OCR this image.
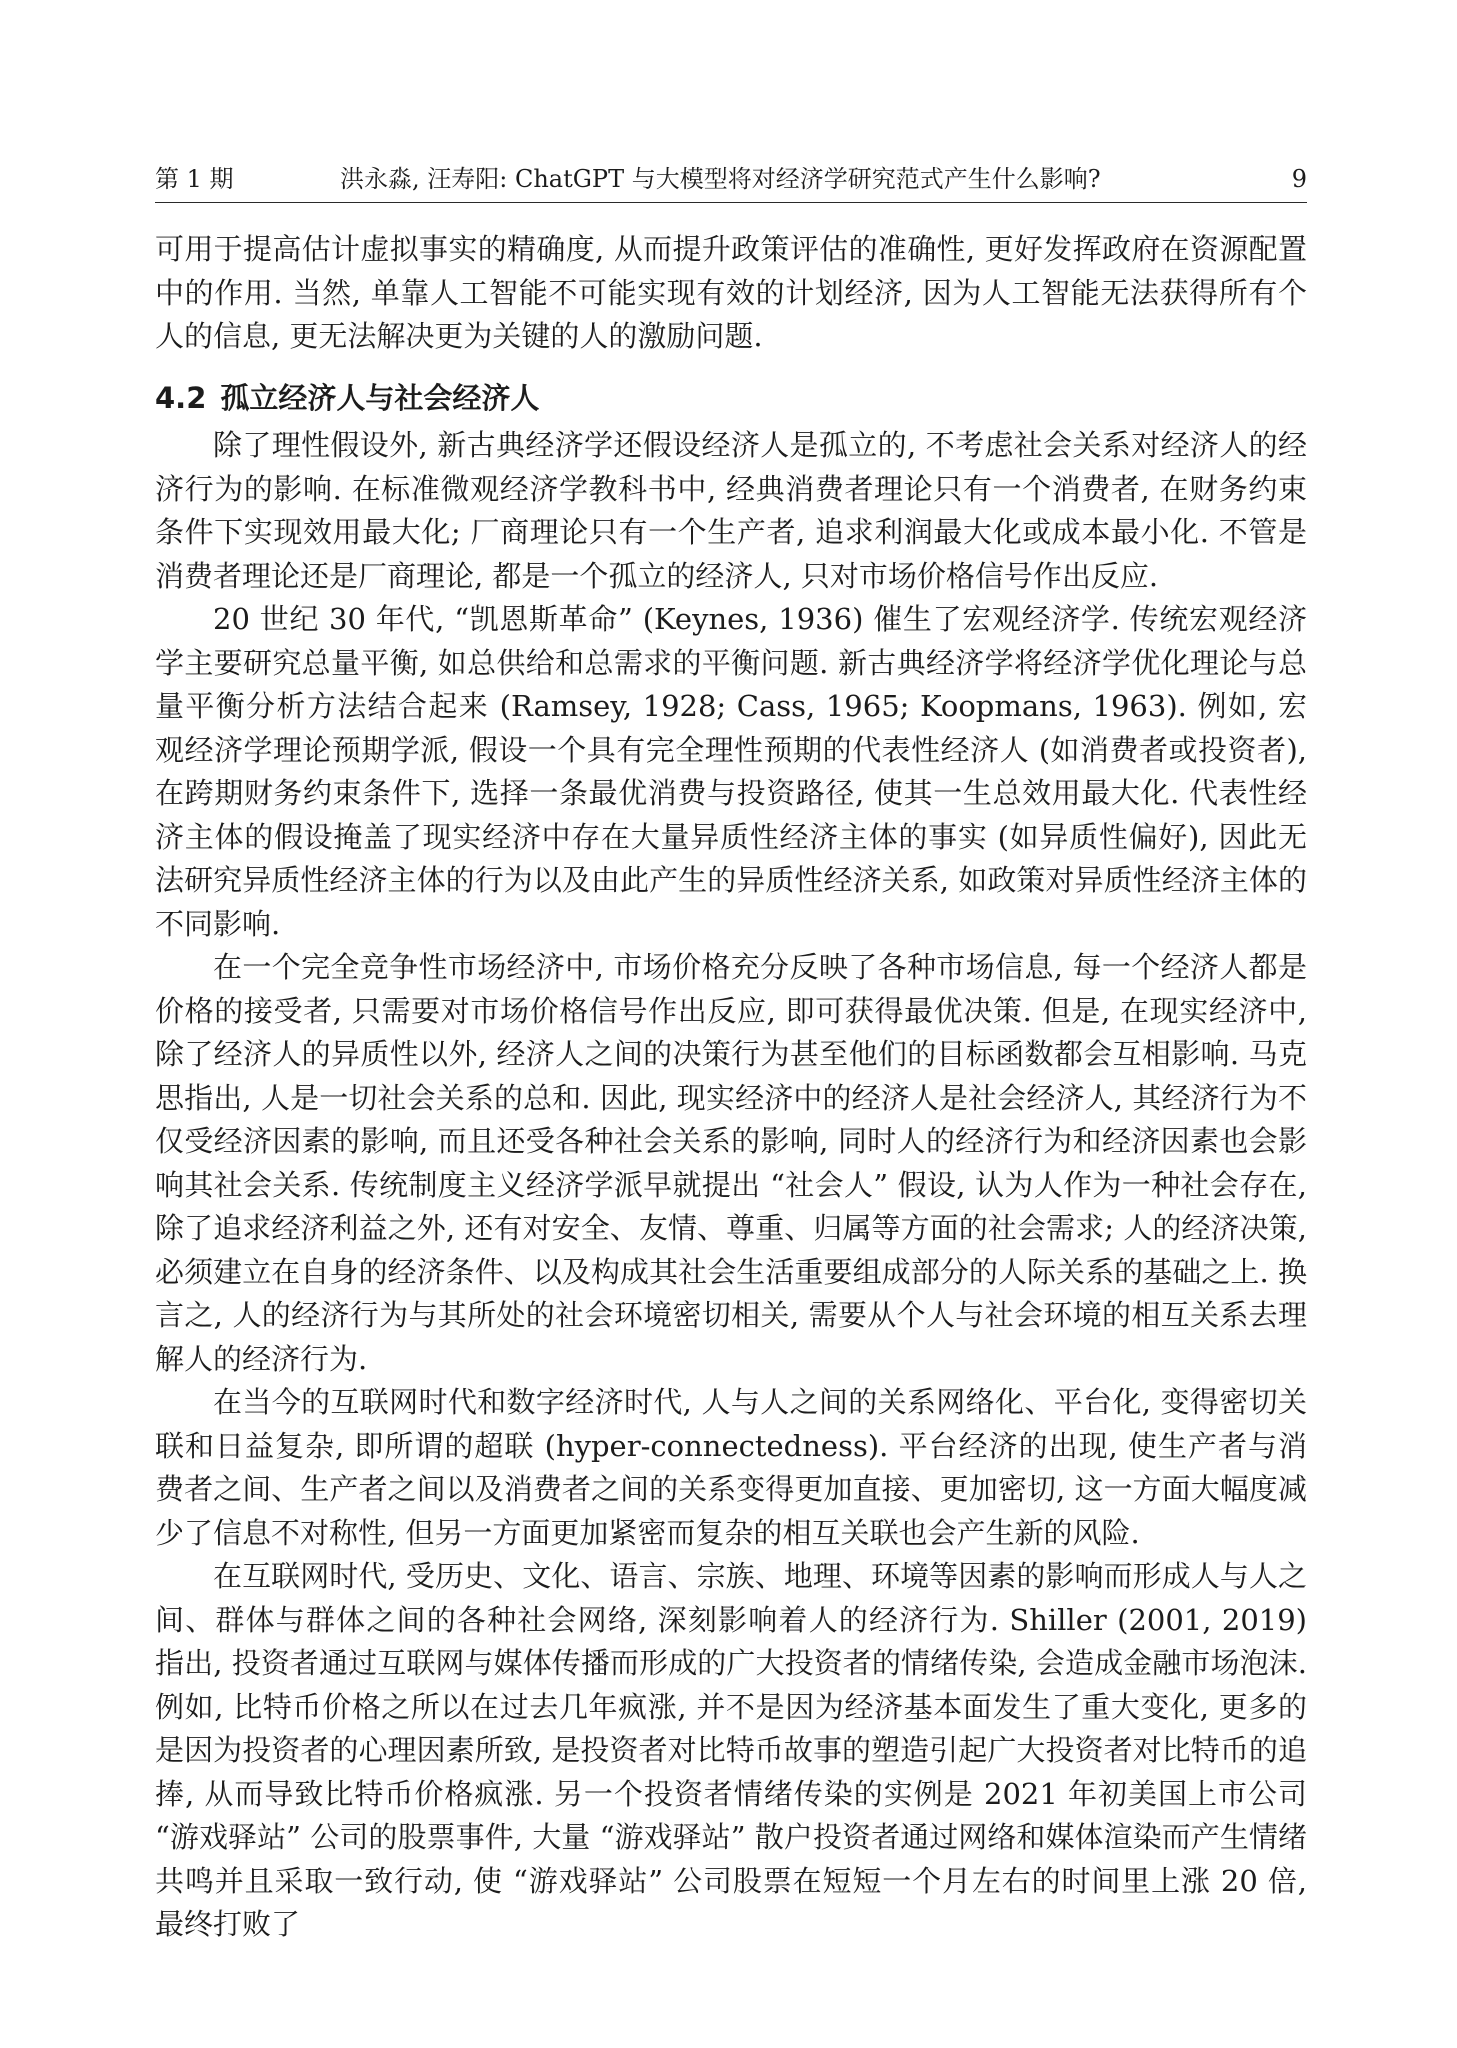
第 1 期	洪永淼, 汪寿阳: ChatGPT 与大模型将对经济学研究范式产生什么影响?	9

可用于提高估计虚拟事实的精确度, 从而提升政策评估的准确性, 更好发挥政府在资源配置中的作用. 当然, 单靠人工智能不可能实现有效的计划经济, 因为人工智能无法获得所有个人的信息, 更无法解决更为关键的人的激励问题.

4.2 孤立经济人与社会经济人

除了理性假设外, 新古典经济学还假设经济人是孤立的, 不考虑社会关系对经济人的经济行为的影响. 在标准微观经济学教科书中, 经典消费者理论只有一个消费者, 在财务约束条件下实现效用最大化; 厂商理论只有一个生产者, 追求利润最大化或成本最小化. 不管是消费者理论还是厂商理论, 都是一个孤立的经济人, 只对市场价格信号作出反应.

20 世纪 30 年代, “凯恩斯革命” (Keynes, 1936) 催生了宏观经济学. 传统宏观经济学主要研究总量平衡, 如总供给和总需求的平衡问题. 新古典经济学将经济学优化理论与总量平衡分析方法结合起来 (Ramsey, 1928; Cass, 1965; Koopmans, 1963). 例如, 宏观经济学理论预期学派, 假设一个具有完全理性预期的代表性经济人 (如消费者或投资者), 在跨期财务约束条件下, 选择一条最优消费与投资路径, 使其一生总效用最大化. 代表性经济主体的假设掩盖了现实经济中存在大量异质性经济主体的事实 (如异质性偏好), 因此无法研究异质性经济主体的行为以及由此产生的异质性经济关系, 如政策对异质性经济主体的不同影响.

在一个完全竞争性市场经济中, 市场价格充分反映了各种市场信息, 每一个经济人都是价格的接受者, 只需要对市场价格信号作出反应, 即可获得最优决策. 但是, 在现实经济中, 除了经济人的异质性以外, 经济人之间的决策行为甚至他们的目标函数都会互相影响. 马克思指出, 人是一切社会关系的总和. 因此, 现实经济中的经济人是社会经济人, 其经济行为不仅受经济因素的影响, 而且还受各种社会关系的影响, 同时人的经济行为和经济因素也会影响其社会关系. 传统制度主义经济学派早就提出 “社会人” 假设, 认为人作为一种社会存在, 除了追求经济利益之外, 还有对安全、友情、尊重、归属等方面的社会需求; 人的经济决策, 必须建立在自身的经济条件、以及构成其社会生活重要组成部分的人际关系的基础之上. 换言之, 人的经济行为与其所处的社会环境密切相关, 需要从个人与社会环境的相互关系去理解人的经济行为.

在当今的互联网时代和数字经济时代, 人与人之间的关系网络化、平台化, 变得密切关联和日益复杂, 即所谓的超联 (hyper-connectedness). 平台经济的出现, 使生产者与消费者之间、生产者之间以及消费者之间的关系变得更加直接、更加密切, 这一方面大幅度减少了信息不对称性, 但另一方面更加紧密而复杂的相互关联也会产生新的风险.

在互联网时代, 受历史、文化、语言、宗族、地理、环境等因素的影响而形成人与人之间、群体与群体之间的各种社会网络, 深刻影响着人的经济行为. Shiller (2001, 2019) 指出, 投资者通过互联网与媒体传播而形成的广大投资者的情绪传染, 会造成金融市场泡沫. 例如, 比特币价格之所以在过去几年疯涨, 并不是因为经济基本面发生了重大变化, 更多的是因为投资者的心理因素所致, 是投资者对比特币故事的塑造引起广大投资者对比特币的追捧, 从而导致比特币价格疯涨. 另一个投资者情绪传染的实例是 2021 年初美国上市公司 “游戏驿站” 公司的股票事件, 大量 “游戏驿站” 散户投资者通过网络和媒体渲染而产生情绪共鸣并且采取一致行动, 使 “游戏驿站” 公司股票在短短一个月左右的时间里上涨 20 倍, 最终打败了
